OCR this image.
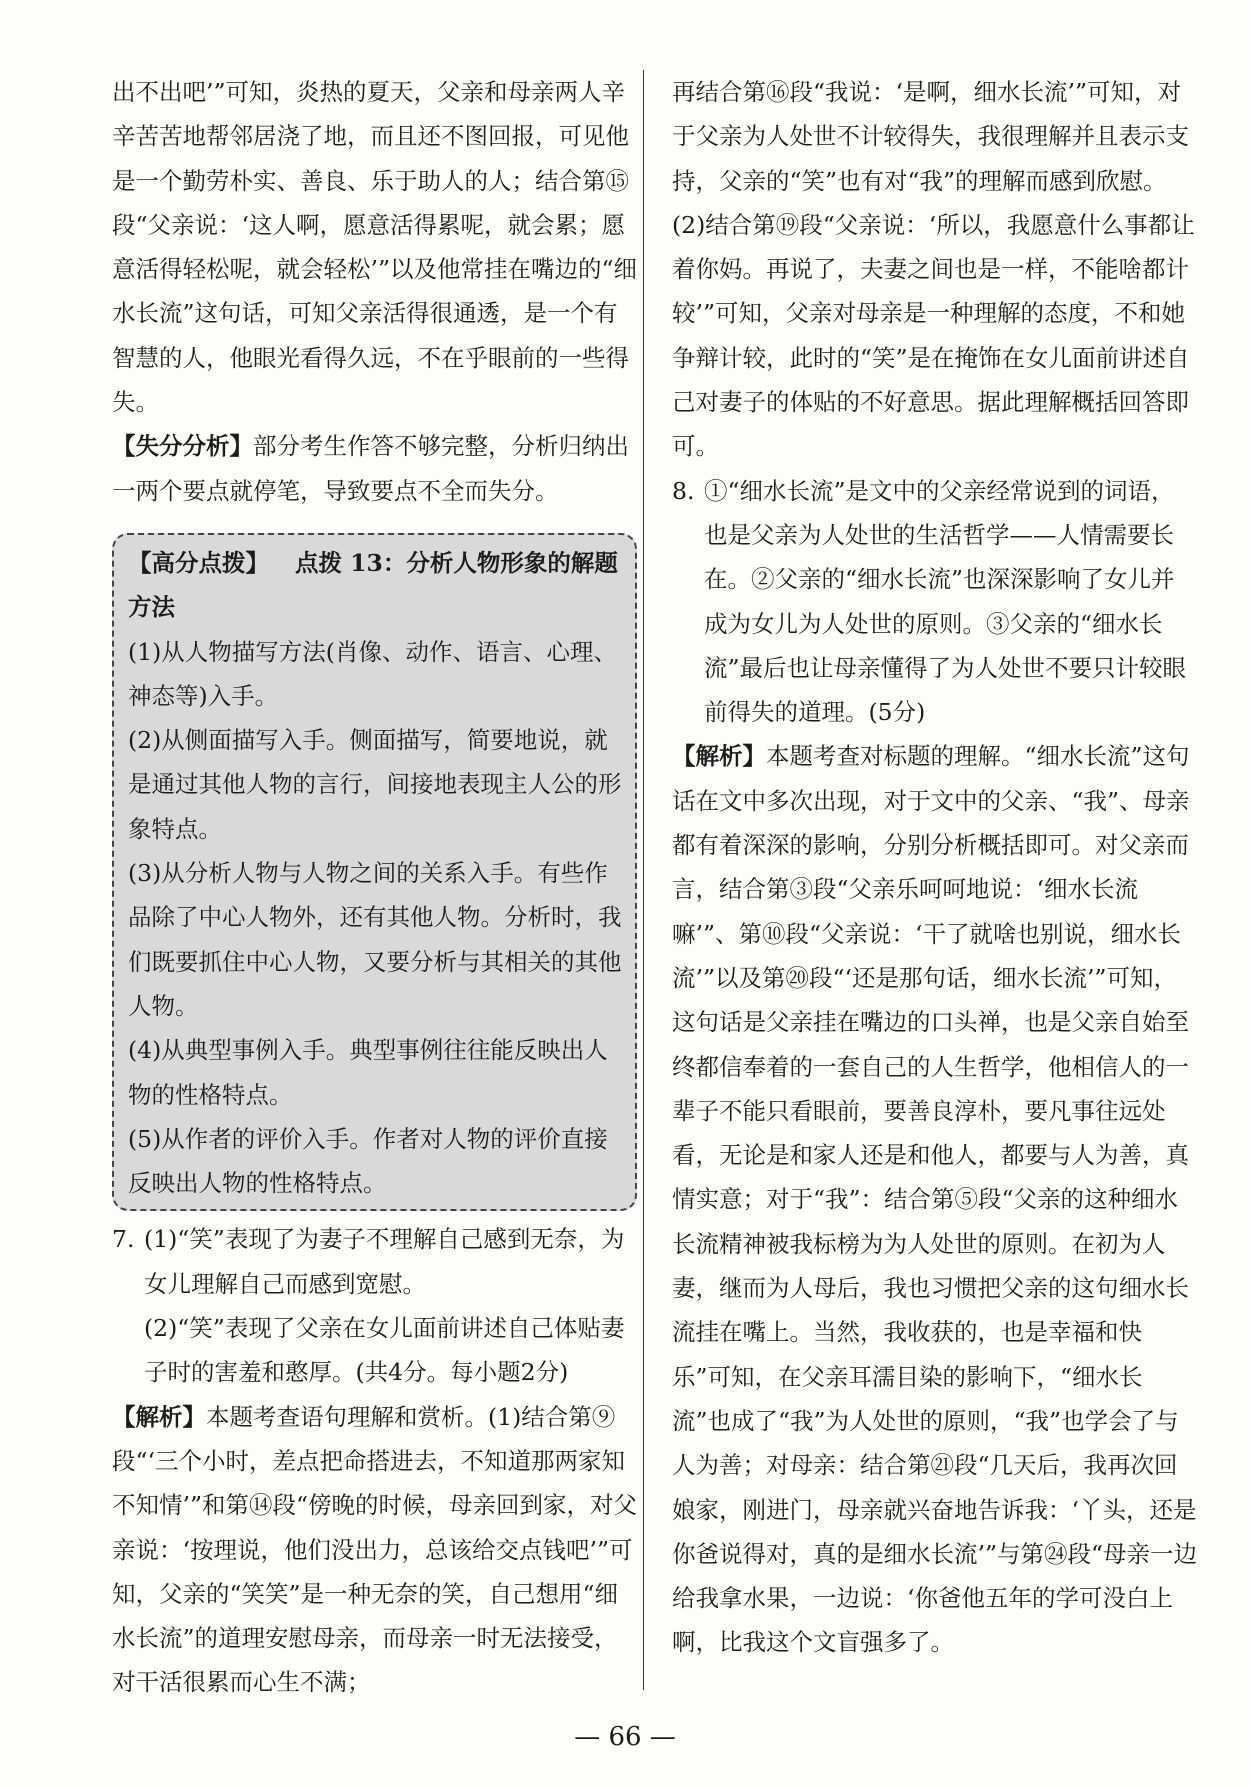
出不出吧’”可知，炎热的夏天，父亲和母亲两人辛辛苦苦地帮邻居浇了地，而且还不图回报，可见他是一个勤劳朴实、善良、乐于助人的人；结合第⑮段“父亲说：‘这人啊，愿意活得累呢，就会累；愿意活得轻松呢，就会轻松’”以及他常挂在嘴边的“细水长流”这句话，可知父亲活得很通透，是一个有智慧的人，他眼光看得久远，不在乎眼前的一些得失。

【失分分析】部分考生作答不够完整，分析归纳出一两个要点就停笔，导致要点不全而失分。

【高分点拨】 点拨 13：分析人物形象的解题方法
(1)从人物描写方法(肖像、动作、语言、心理、神态等)入手。
(2)从侧面描写入手。侧面描写，简要地说，就是通过其他人物的言行，间接地表现主人公的形象特点。
(3)从分析人物与人物之间的关系入手。有些作品除了中心人物外，还有其他人物。分析时，我们既要抓住中心人物，又要分析与其相关的其他人物。
(4)从典型事例入手。典型事例往往能反映出人物的性格特点。
(5)从作者的评价入手。作者对人物的评价直接反映出人物的性格特点。
7. (1)“笑”表现了为妻子不理解自己感到无奈，为女儿理解自己而感到宽慰。

(2)“笑”表现了父亲在女儿面前讲述自己体贴妻子时的害羞和憨厚。(共4分。每小题2分)

【解析】本题考查语句理解和赏析。(1)结合第⑨段“‘三个小时，差点把命搭进去，不知道那两家知不知情’”和第⑭段“傍晚的时候，母亲回到家，对父亲说：‘按理说，他们没出力，总该给交点钱吧’”可知，父亲的“笑笑”是一种无奈的笑，自己想用“细水长流”的道理安慰母亲，而母亲一时无法接受，对干活很累而心生不满；

再结合第⑯段“我说：‘是啊，细水长流’”可知，对于父亲为人处世不计较得失，我很理解并且表示支持，父亲的“笑”也有对“我”的理解而感到欣慰。(2)结合第⑲段“父亲说：‘所以，我愿意什么事都让着你妈。再说了，夫妻之间也是一样，不能啥都计较’”可知，父亲对母亲是一种理解的态度，不和她争辩计较，此时的“笑”是在掩饰在女儿面前讲述自己对妻子的体贴的不好意思。据此理解概括回答即可。

8. ①“细水长流”是文中的父亲经常说到的词语，也是父亲为人处世的生活哲学——人情需要长在。②父亲的“细水长流”也深深影响了女儿并成为女儿为人处世的原则。③父亲的“细水长流”最后也让母亲懂得了为人处世不要只计较眼前得失的道理。(5分)

【解析】本题考查对标题的理解。“细水长流”这句话在文中多次出现，对于文中的父亲、“我”、母亲都有着深深的影响，分别分析概括即可。对父亲而言，结合第③段“父亲乐呵呵地说：‘细水长流嘛’”、第⑩段“父亲说：‘干了就啥也别说，细水长流’”以及第⑳段“‘还是那句话，细水长流’”可知，这句话是父亲挂在嘴边的口头禅，也是父亲自始至终都信奉着的一套自己的人生哲学，他相信人的一辈子不能只看眼前，要善良淳朴，要凡事往远处看，无论是和家人还是和他人，都要与人为善，真情实意；对于“我”：结合第⑤段“父亲的这种细水长流精神被我标榜为为人处世的原则。在初为人妻，继而为人母后，我也习惯把父亲的这句细水长流挂在嘴上。当然，我收获的，也是幸福和快乐”可知，在父亲耳濡目染的影响下，“细水长流”也成了“我”为人处世的原则，“我”也学会了与人为善；对母亲：结合第㉑段“几天后，我再次回娘家，刚进门，母亲就兴奋地告诉我：‘丫头，还是你爸说得对，真的是细水长流’”与第㉔段“母亲一边给我拿水果，一边说：‘你爸他五年的学可没白上啊，比我这个文盲强多了。

— 66 —
